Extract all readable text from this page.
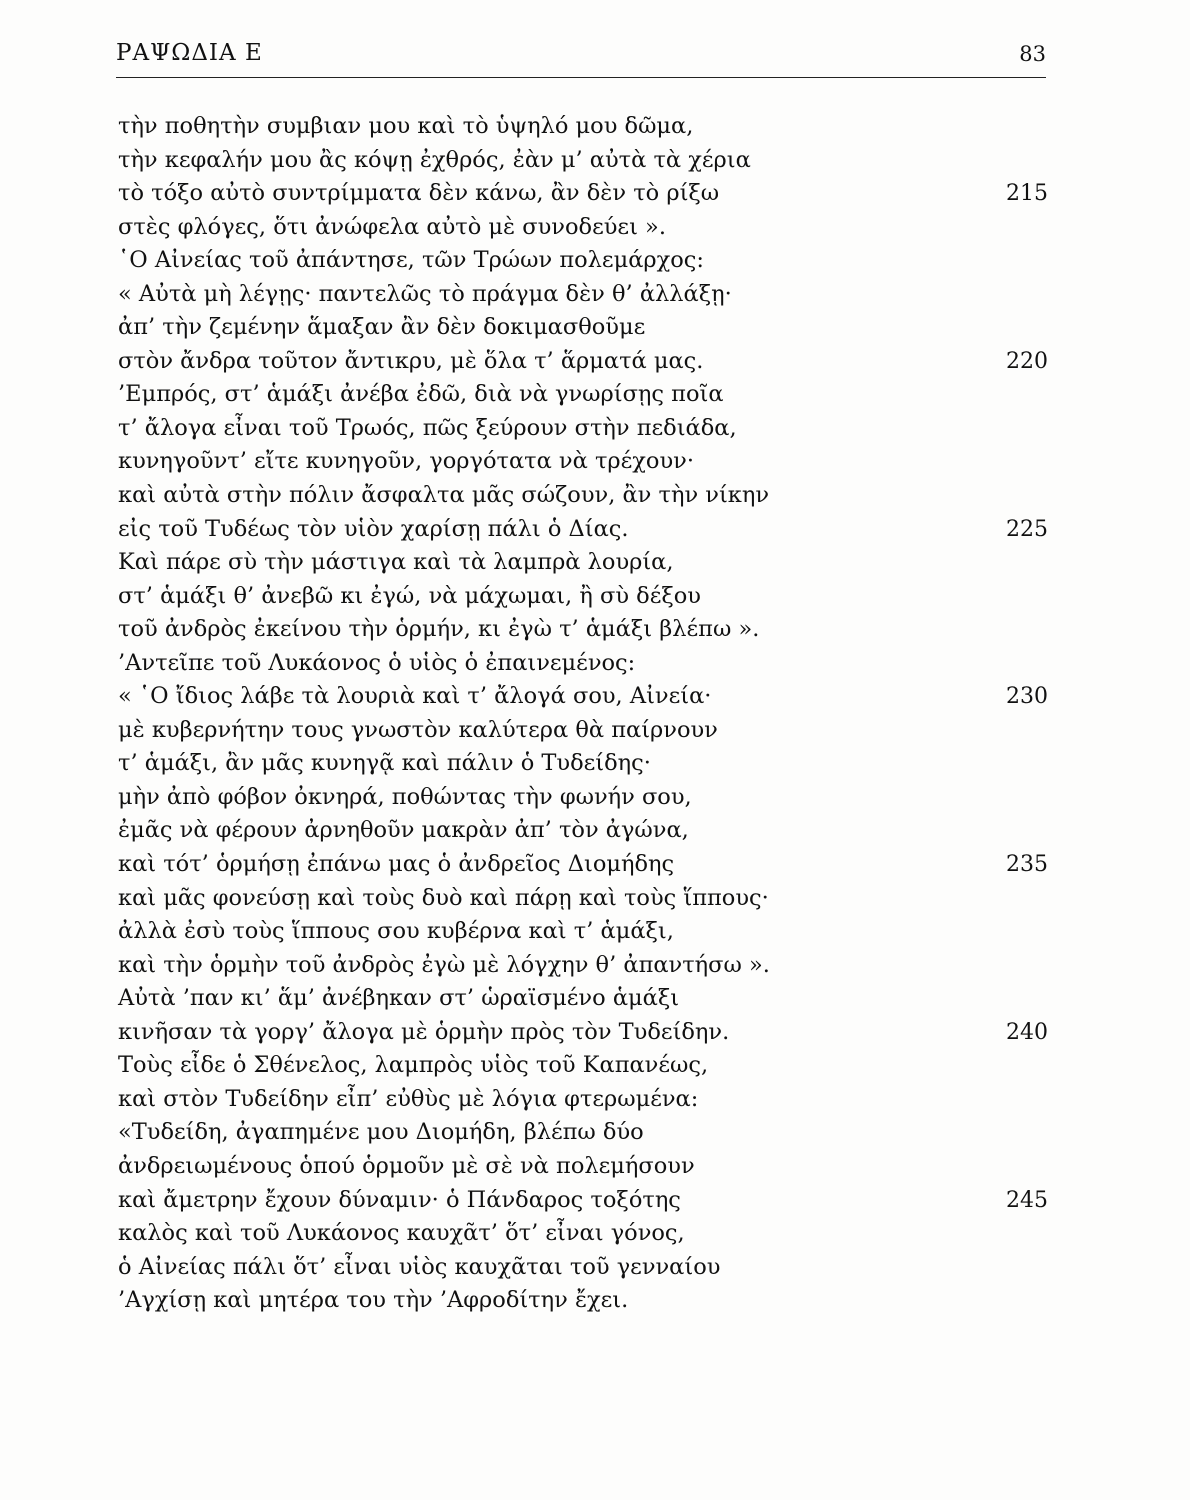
ΡΑΨΩΔΙΑ Ε	83
τὴν ποθητὴν συμβιαν μου καὶ τὸ ὑψηλό μου δῶμα,
τὴν κεφαλήν μου ἂς κόψῃ ἐχθρός, ἐὰν μ’ αὐτὰ τὰ χέρια
τὸ τόξο αὐτὸ συντρίμματα δὲν κάνω, ἂν δὲν τὸ ρίξω	215
στὲς φλόγες, ὅτι ἀνώφελα αὐτὸ μὲ συνοδεύει ».
῾Ο Αἰνείας τοῦ ἀπάντησε, τῶν Τρώων πολεμάρχος:
« Αὐτὰ μὴ λέγῃς· παντελῶς τὸ πράγμα δὲν θ’ ἀλλάξῃ·
ἀπ’ τὴν ζεμένην ἅμαξαν ἂν δὲν δοκιμασθοῦμε
στὸν ἄνδρα τοῦτον ἄντικρυ, μὲ ὅλα τ’ ἅρματά μας.	220
’Εμπρός, στ’ ἁμάξι ἀνέβα ἐδῶ, διὰ νὰ γνωρίσῃς ποῖα
τ’ ἄλογα εἶναι τοῦ Τρωός, πῶς ξεύρουν στὴν πεδιάδα,
κυνηγοῦντ’ εἴτε κυνηγοῦν, γοργότατα νὰ τρέχουν·
καὶ αὐτὰ στὴν πόλιν ἄσφαλτα μᾶς σώζουν, ἂν τὴν νίκην
εἰς τοῦ Τυδέως τὸν υἱὸν χαρίσῃ πάλι ὁ Δίας.	225
Καὶ πάρε σὺ τὴν μάστιγα καὶ τὰ λαμπρὰ λουρία,
στ’ ἁμάξι θ’ ἀνεβῶ κι ἐγώ, νὰ μάχωμαι, ἢ σὺ δέξου
τοῦ ἀνδρὸς ἐκείνου τὴν ὁρμήν, κι ἐγὼ τ’ ἁμάξι βλέπω ».
’Αντεῖπε τοῦ Λυκάονος ὁ υἱὸς ὁ ἐπαινεμένος:
« ῾Ο ἴδιος λάβε τὰ λουριὰ καὶ τ’ ἄλογά σου, Αἰνεία·	230
μὲ κυβερνήτην τους γνωστὸν καλύτερα θὰ παίρνουν
τ’ ἁμάξι, ἂν μᾶς κυνηγᾷ καὶ πάλιν ὁ Τυδείδης·
μὴν ἀπὸ φόβον ὀκνηρά, ποθώντας τὴν φωνήν σου,
ἐμᾶς νὰ φέρουν ἀρνηθοῦν μακρὰν ἀπ’ τὸν ἀγώνα,
καὶ τότ’ ὁρμήσῃ ἐπάνω μας ὁ ἀνδρεῖος Διομήδης	235
καὶ μᾶς φονεύσῃ καὶ τοὺς δυὸ καὶ πάρῃ καὶ τοὺς ἵππους·
ἀλλὰ ἐσὺ τοὺς ἵππους σου κυβέρνα καὶ τ’ ἁμάξι,
καὶ τὴν ὁρμὴν τοῦ ἀνδρὸς ἐγὼ μὲ λόγχην θ’ ἀπαντήσω ».
Αὐτὰ ’παν κι’ ἅμ’ ἀνέβηκαν στ’ ὡραϊσμένο ἁμάξι
κινῆσαν τὰ γοργ’ ἄλογα μὲ ὁρμὴν πρὸς τὸν Τυδείδην.	240
Τοὺς εἶδε ὁ Σθένελος, λαμπρὸς υἱὸς τοῦ Καπανέως,
καὶ στὸν Τυδείδην εἶπ’ εὐθὺς μὲ λόγια φτερωμένα:
«Τυδείδη, ἀγαπημένε μου Διομήδη, βλέπω δύο
ἀνδρειωμένους ὁπού ὁρμοῦν μὲ σὲ νὰ πολεμήσουν
καὶ ἄμετρην ἔχουν δύναμιν· ὁ Πάνδαρος τοξότης	245
καλὸς καὶ τοῦ Λυκάονος καυχᾶτ’ ὅτ’ εἶναι γόνος,
ὁ Αἰνείας πάλι ὅτ’ εἶναι υἱὸς καυχᾶται τοῦ γενναίου
’Αγχίσῃ καὶ μητέρα του τὴν ’Αφροδίτην ἔχει.
